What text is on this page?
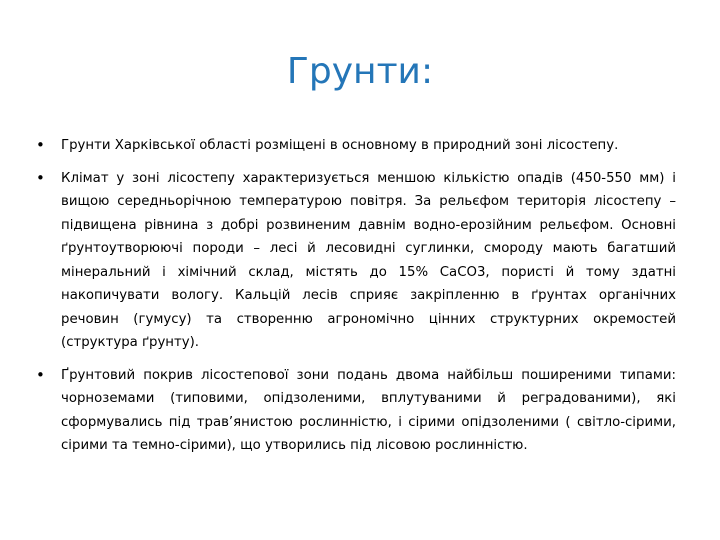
Грунти:
• Грунти Харківської області розміщені в основному в природний зоні лісостепу.
• Клімат у зоні лісостепу характеризується меншою кількістю опадів (450-550 мм) і вищою середньорічною температурою повітря. За рельєфом територія лісостепу – підвищена рівнина з добрі розвиненим давнім водно-ерозійним рельєфом. Основні ґрунтоутворюючі породи – лесі й лесовидні суглинки, смороду мають багатший мінеральний і хімічний склад, містять до 15% СаСО3, пористі й тому здатні накопичувати вологу. Кальцій лесів сприяє закріпленню в ґрунтах органічних речовин (гумусу) та створенню агрономічно цінних структурних окремостей (структура ґрунту).
• Ґрунтовий покрив лісостепової зони подань двома найбільш поширеними типами: чорноземами (типовими, опідзоленими, вплутуваними й реградованими), які сформувались під трав’янистою рослинністю, і сірими опідзоленими ( світло-сірими, сірими та темно-сірими), що утворились під лісовою рослинністю.
